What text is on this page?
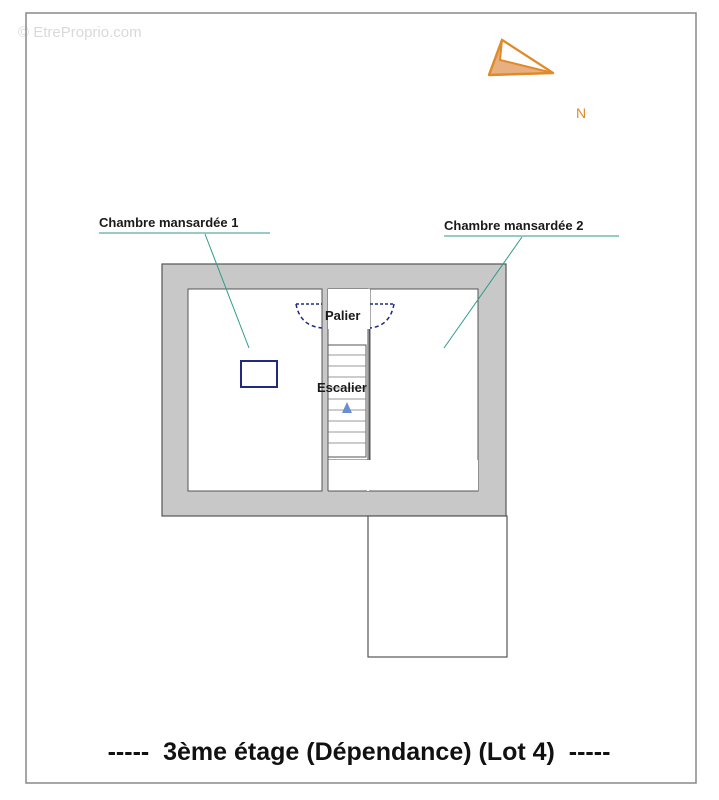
© EtreProprio.com
N
Chambre mansardée 1	Chambre mansardée 2
Palier
Escalier
-----  3ème étage (Dépendance) (Lot 4)  -----
